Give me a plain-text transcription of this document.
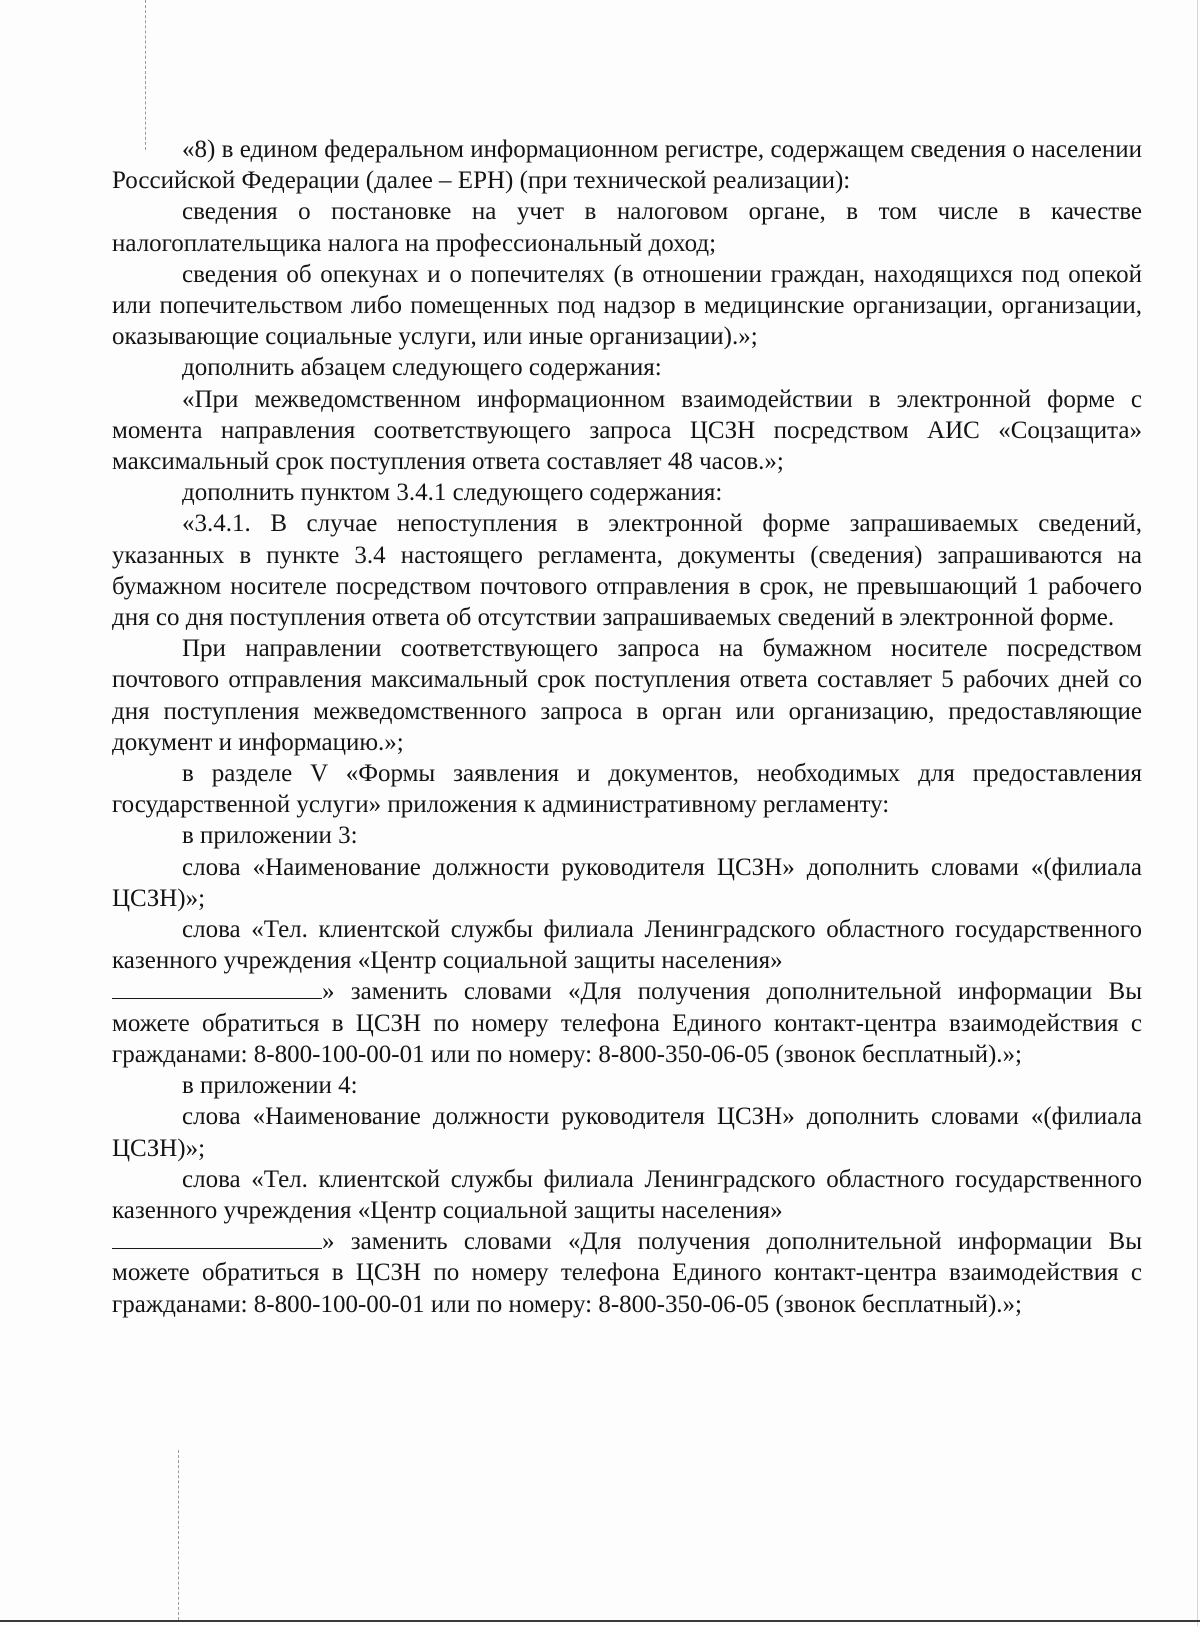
«8) в едином федеральном информационном регистре, содержащем сведения о населении Российской Федерации (далее – ЕРН) (при технической реализации):

сведения о постановке на учет в налоговом органе, в том числе в качестве налогоплательщика налога на профессиональный доход;

сведения об опекунах и о попечителях (в отношении граждан, находящихся под опекой или попечительством либо помещенных под надзор в медицинские организации, организации, оказывающие социальные услуги, или иные организации).»;

дополнить абзацем следующего содержания:

«При межведомственном информационном взаимодействии в электронной форме с момента направления соответствующего запроса ЦСЗН посредством АИС «Соцзащита» максимальный срок поступления ответа составляет 48 часов.»;

дополнить пунктом 3.4.1 следующего содержания:

«3.4.1. В случае непоступления в электронной форме запрашиваемых сведений, указанных в пункте 3.4 настоящего регламента, документы (сведения) запрашиваются на бумажном носителе посредством почтового отправления в срок, не превышающий 1 рабочего дня со дня поступления ответа об отсутствии запрашиваемых сведений в электронной форме.

При направлении соответствующего запроса на бумажном носителе посредством почтового отправления максимальный срок поступления ответа составляет 5 рабочих дней со дня поступления межведомственного запроса в орган или организацию, предоставляющие документ и информацию.»;

в разделе V «Формы заявления и документов, необходимых для предоставления государственной услуги» приложения к административному регламенту:

в приложении 3:

слова «Наименование должности руководителя ЦСЗН» дополнить словами «(филиала ЦСЗН)»;

слова «Тел. клиентской службы филиала Ленинградского областного государственного казенного учреждения «Центр социальной защиты населения»
» заменить словами «Для получения дополнительной информации Вы можете обратиться в ЦСЗН по номеру телефона Единого контакт-центра взаимодействия с гражданами: 8-800-100-00-01 или по номеру: 8-800-350-06-05 (звонок бесплатный).»;

в приложении 4:

слова «Наименование должности руководителя ЦСЗН» дополнить словами «(филиала ЦСЗН)»;

слова «Тел. клиентской службы филиала Ленинградского областного государственного казенного учреждения «Центр социальной защиты населения»
» заменить словами «Для получения дополнительной информации Вы можете обратиться в ЦСЗН по номеру телефона Единого контакт-центра взаимодействия с гражданами: 8-800-100-00-01 или по номеру: 8-800-350-06-05 (звонок бесплатный).»;
